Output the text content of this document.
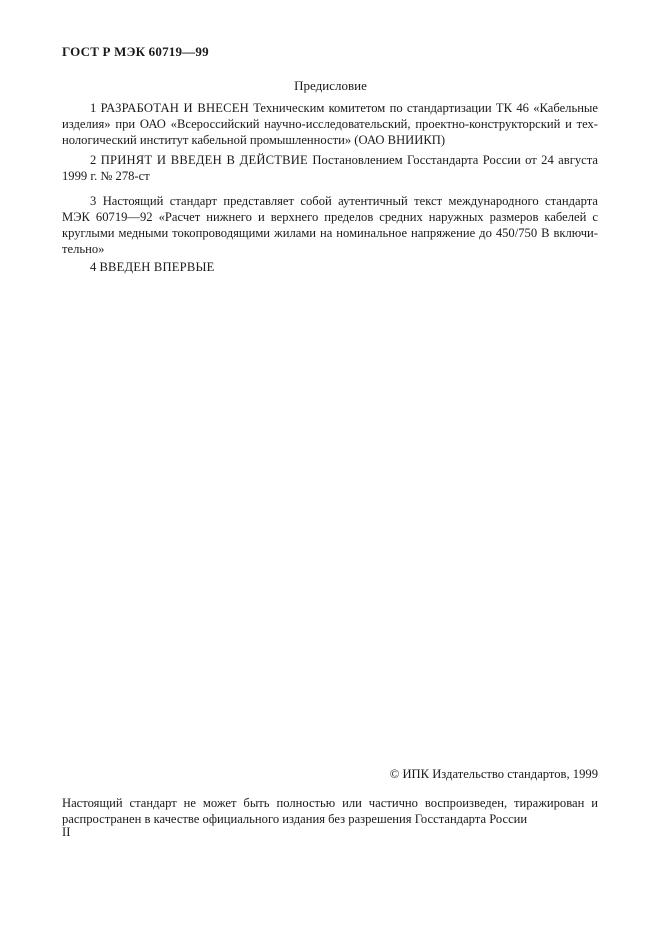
ГОСТ Р МЭК 60719—99
Предисловие
1 РАЗРАБОТАН И ВНЕСЕН Техническим комитетом по стандартизации ТК 46 «Кабельные
изделия» при ОАО «Всероссийский научно-исследовательский, проектно-конструкторский и тех-
нологический институт кабельной промышленности» (ОАО ВНИИКП)
2 ПРИНЯТ И ВВЕДЕН В ДЕЙСТВИЕ Постановлением Госстандарта России от 24 августа
1999 г. № 278-ст
3 Настоящий стандарт представляет собой аутентичный текст международного стандарта
МЭК 60719—92 «Расчет нижнего и верхнего пределов средних наружных размеров кабелей с
круглыми медными токопроводящими жилами на номинальное напряжение до 450/750 В включи-
тельно»
4 ВВЕДЕН ВПЕРВЫЕ
© ИПК Издательство стандартов, 1999
Настоящий стандарт не может быть полностью или частично воспроизведен, тиражирован и
распространен в качестве официального издания без разрешения Госстандарта России
II
